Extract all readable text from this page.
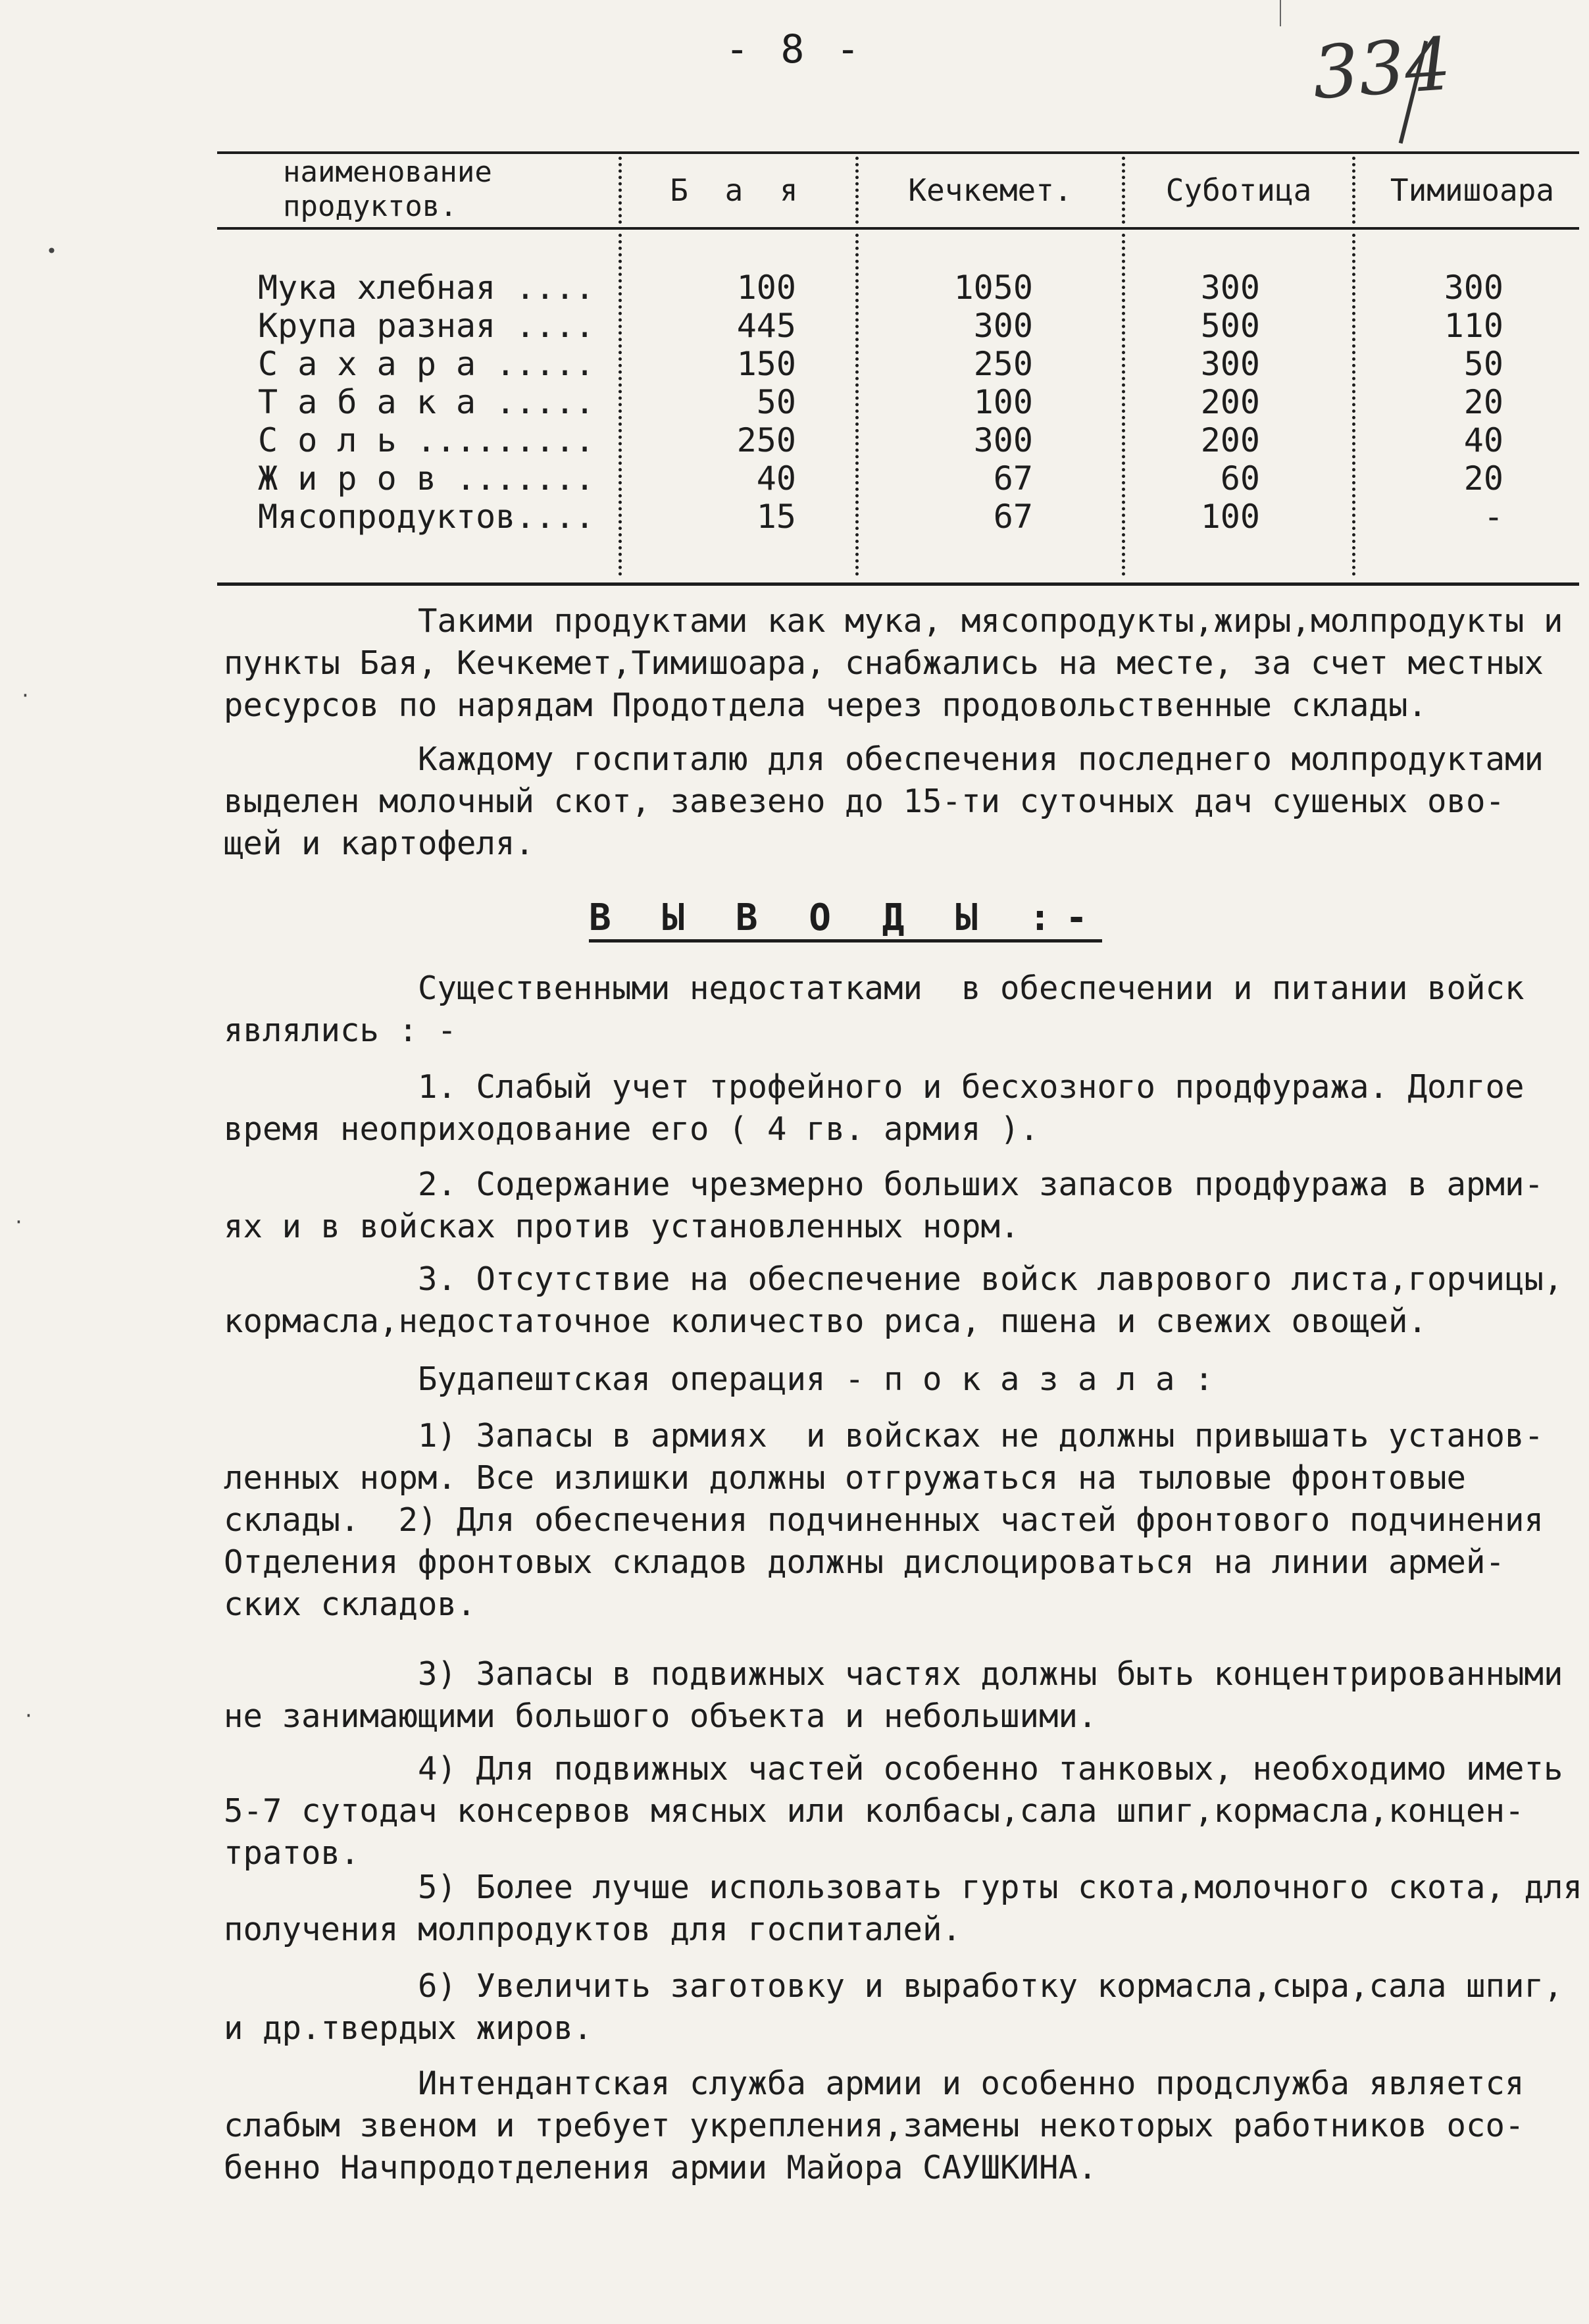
- 8 -	334
•
·
·
·
наименование
продуктов.	Б а я	Кечкемет.	Суботица	Тимишоара
Мука хлебная ....	100	1050	300	300
Крупа разная ....	445	300	500	110
С а х а р а .....	150	250	300	50
Т а б а к а .....	50	100	200	20
С о л ь .........	250	300	200	40
Ж и р о в .......	40	67	60	20
Мясопродуктов....	15	67	100	-
Такими продуктами как мука, мясопродукты,жиры,молпродукты и
пункты Бая, Кечкемет,Тимишоара, снабжались на месте, за счет местных
ресурсов по нарядам Продотдела через продовольственные склады.
Каждому госпиталю для обеспечения последнего молпродуктами
выделен молочный скот, завезено до 15-ти суточных дач сушеных ово-
щей и картофеля.
В Ы В О Д Ы :-
Существенными недостатками  в обеспечении и питании войск
являлись : -
1. Слабый учет трофейного и бесхозного продфуража. Долгое
время неоприходование его ( 4 гв. армия ).
2. Содержание чрезмерно больших запасов продфуража в арми-
ях и в войсках против установленных норм.
3. Отсутствие на обеспечение войск лаврового листа,горчицы,
кормасла,недостаточное количество риса, пшена и свежих овощей.
Будапештская операция - п о к а з а л а :
1) Запасы в армиях  и войсках не должны привышать установ-
ленных норм. Все излишки должны отгружаться на тыловые фронтовые
склады.  2) Для обеспечения подчиненных частей фронтового подчинения
Отделения фронтовых складов должны дислоцироваться на линии армей-
ских складов.
3) Запасы в подвижных частях должны быть концентрированными
не занимающими большого объекта и небольшими.
4) Для подвижных частей особенно танковых, необходимо иметь
5-7 сутодач консервов мясных или колбасы,сала шпиг,кормасла,концен-
тратов.
5) Более лучше использовать гурты скота,молочного скота, для
получения молпродуктов для госпиталей.
6) Увеличить заготовку и выработку кормасла,сыра,сала шпиг,
и др.твердых жиров.
Интендантская служба армии и особенно продслужба является
слабым звеном и требует укрепления,замены некоторых работников осо-
бенно Начпродотделения армии Майора САУШКИНА.
